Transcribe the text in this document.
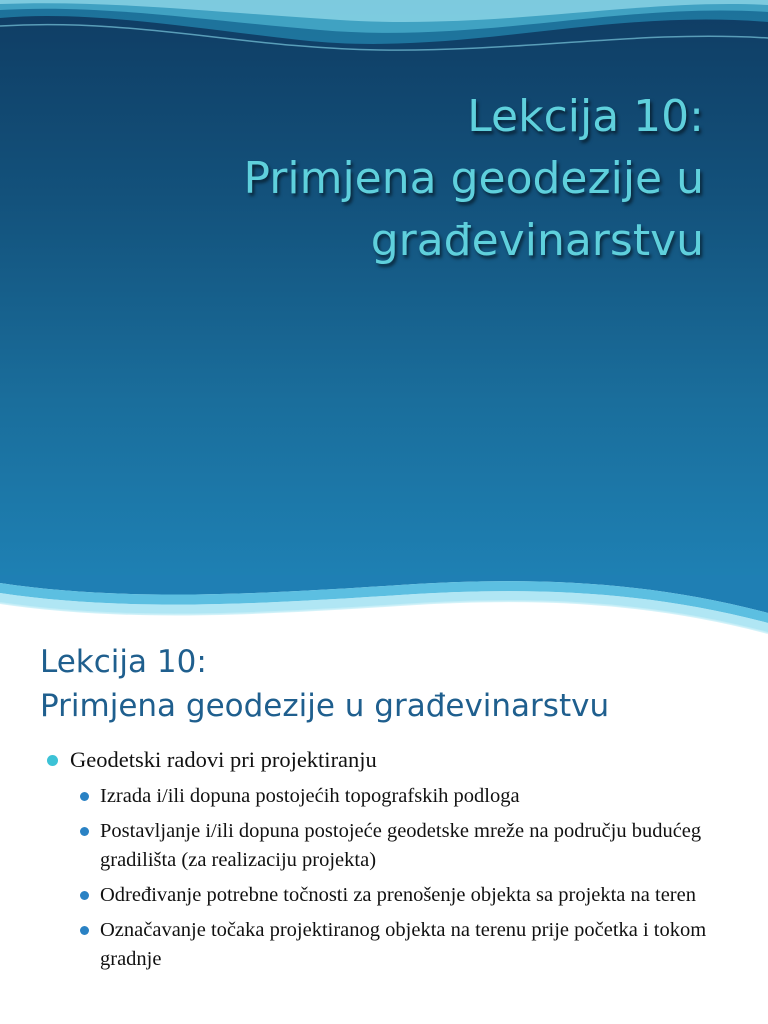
Lekcija 10:
Primjena geodezije u
građevinarstvu
Lekcija 10:
Primjena geodezije u građevinarstvu
Geodetski radovi pri projektiranju
Izrada i/ili dopuna postojećih topografskih podloga
Postavljanje i/ili dopuna postojeće geodetske mreže na području budućeg gradilišta (za realizaciju projekta)
Određivanje potrebne točnosti za prenošenje objekta sa projekta na teren
Označavanje točaka projektiranog objekta na terenu prije početka i tokom gradnje
